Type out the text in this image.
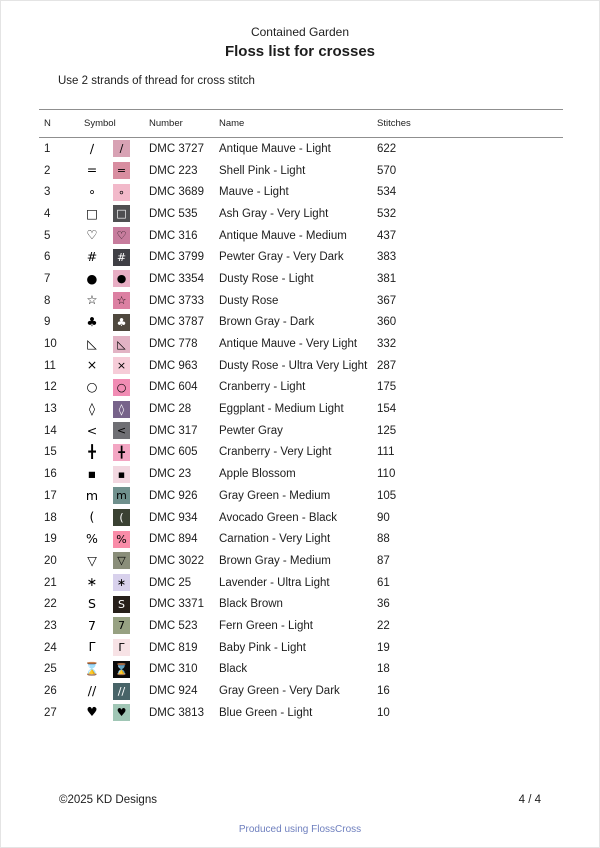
Contained Garden
Floss list for crosses
Use 2 strands of thread for cross stitch
N	Symbol	Number	Name	Stitches
1		∕	∕	DMC 3727	Antique Mauve - Light	622
2		=	=	DMC 223	Shell Pink - Light	570
3		∘	∘	DMC 3689	Mauve - Light	534
4		□ □ DMC 535	Ash Gray - Very Light	532
5		♡	♡	DMC 316	Antique Mauve - Medium	437
6		#	#	DMC 3799	Pewter Gray - Very Dark	383
7		●	●	DMC 3354	Dusty Rose - Light	381
8		☆	☆	DMC 3733	Dusty Rose	367
9		♣	♣	DMC 3787	Brown Gray - Dark	360
10	◺	◺	DMC 778	Antique Mauve - Very Light	332
11	×	×	DMC 963	Dusty Rose - Ultra Very Light	287
12	○	○	DMC 604	Cranberry - Light	175
13		◊	◊	DMC 28	Eggplant - Medium Light	154
14	<	<	DMC 317	Pewter Gray	125
15		╋	╋	DMC 605	Cranberry - Very Light	111
16		▪	▪	DMC 23	Apple Blossom	110
17	m m DMC 926	Gray Green - Medium	105
18		(	(	DMC 934	Avocado Green - Black	90
19	% % DMC 894	Carnation - Very Light	88
20	▽	▽	DMC 3022	Brown Gray - Medium	87
21	∗	∗	DMC 25	Lavender - Ultra Light	61
22		S	S	DMC 3371	Black Brown	36
23		7	7	DMC 523	Fern Green - Light	22
24		Γ	Γ	DMC 819	Baby Pink - Light	19
25	⌛ ⌛ DMC 310	Black	18
26		//	//	DMC 924	Gray Green - Very Dark	16
27	♥	♥	DMC 3813	Blue Green - Light	10
©2025 KD Designs	4 / 4
Produced using FlossCross
